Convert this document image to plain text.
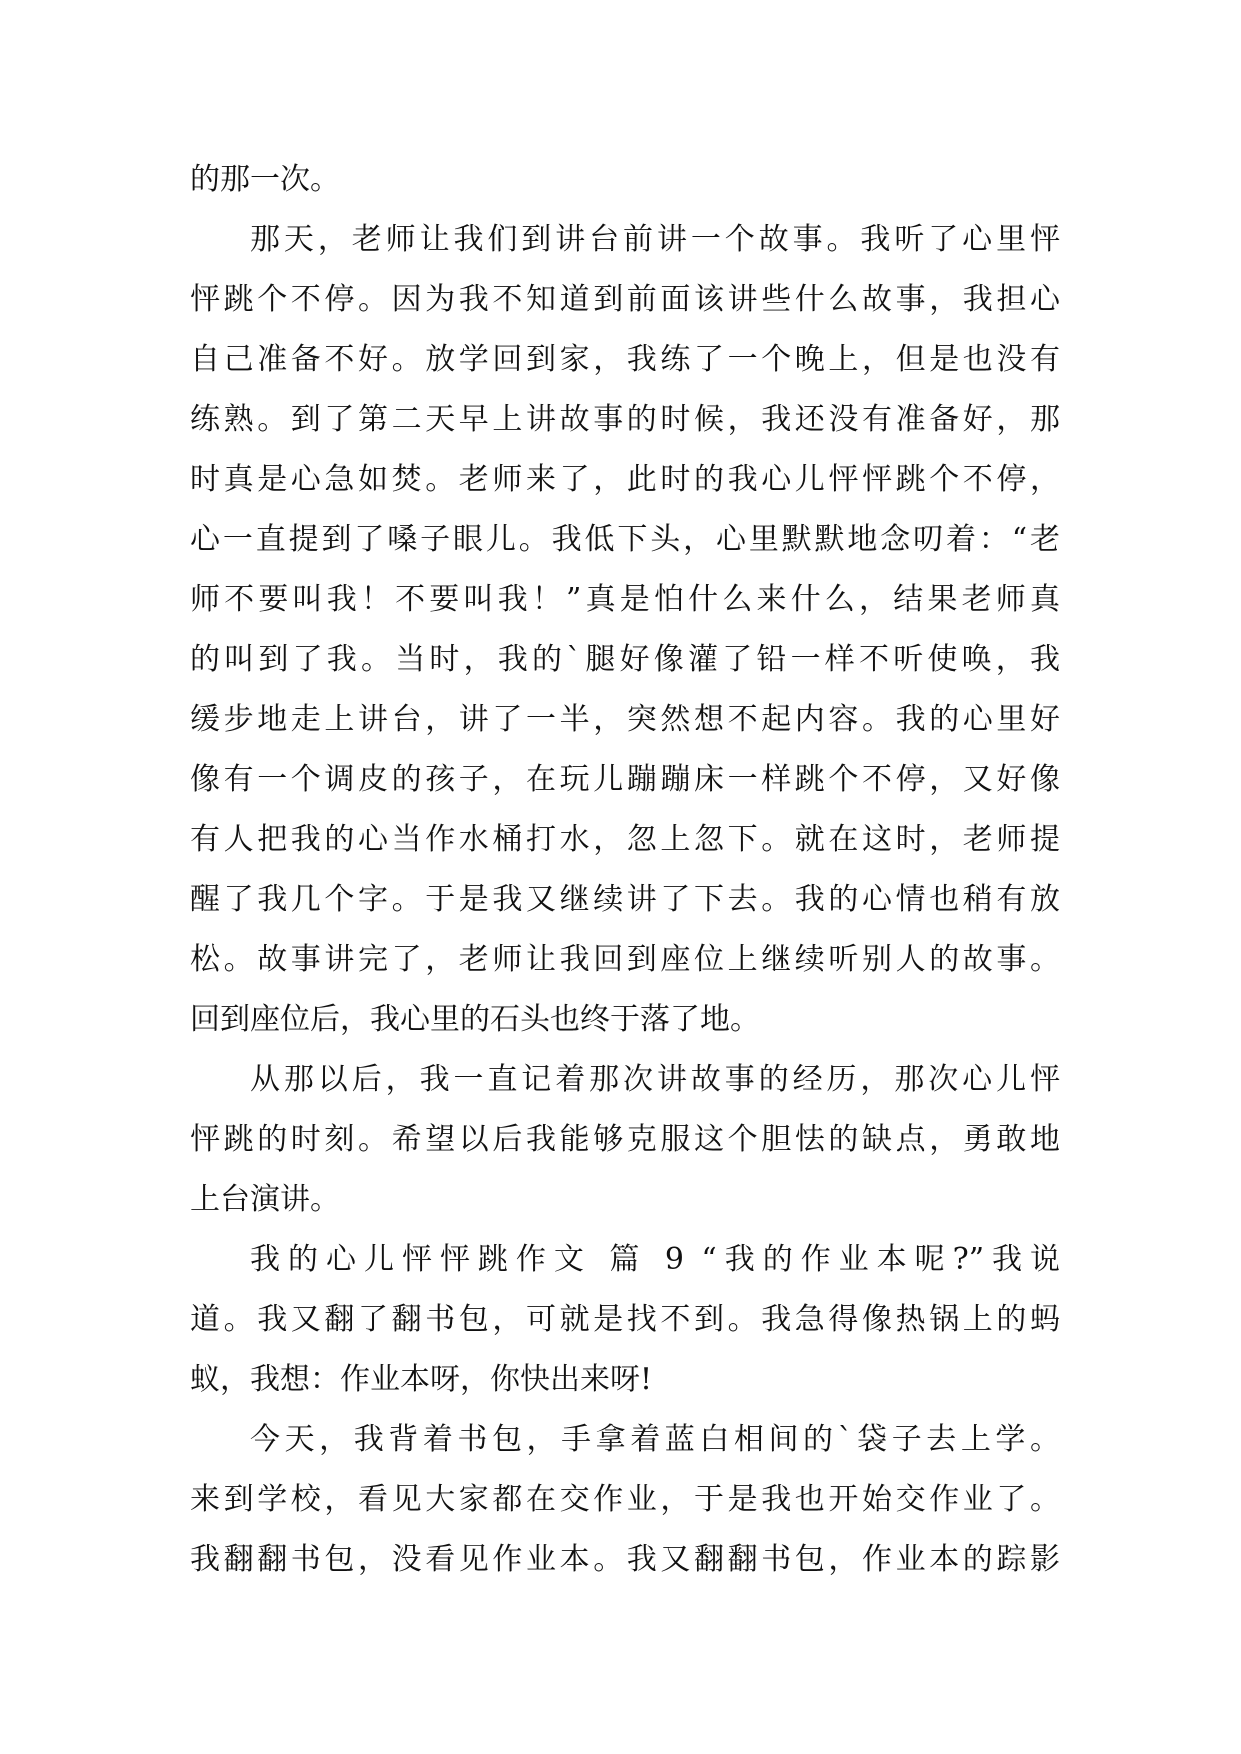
的那一次。
那天，老师让我们到讲台前讲一个故事。我听了心里怦
怦跳个不停。因为我不知道到前面该讲些什么故事，我担心
自己准备不好。放学回到家，我练了一个晚上，但是也没有
练熟。到了第二天早上讲故事的时候，我还没有准备好，那
时真是心急如焚。老师来了，此时的我心儿怦怦跳个不停，
心一直提到了嗓子眼儿。我低下头，心里默默地念叨着：“老
师不要叫我！不要叫我！”真是怕什么来什么，结果老师真
的叫到了我。当时，我的`腿好像灌了铅一样不听使唤，我
缓步地走上讲台，讲了一半，突然想不起内容。我的心里好
像有一个调皮的孩子，在玩儿蹦蹦床一样跳个不停，又好像
有人把我的心当作水桶打水，忽上忽下。就在这时，老师提
醒了我几个字。于是我又继续讲了下去。我的心情也稍有放
松。故事讲完了，老师让我回到座位上继续听别人的故事。
回到座位后，我心里的石头也终于落了地。
从那以后，我一直记着那次讲故事的经历，那次心儿怦
怦跳的时刻。希望以后我能够克服这个胆怯的缺点，勇敢地
上台演讲。
我的心儿怦怦跳作文 篇 9 “我的作业本呢?”我说
道。我又翻了翻书包，可就是找不到。我急得像热锅上的蚂
蚁，我想：作业本呀，你快出来呀!
今天，我背着书包，手拿着蓝白相间的`袋子去上学。
来到学校，看见大家都在交作业，于是我也开始交作业了。
我翻翻书包，没看见作业本。我又翻翻书包，作业本的踪影
